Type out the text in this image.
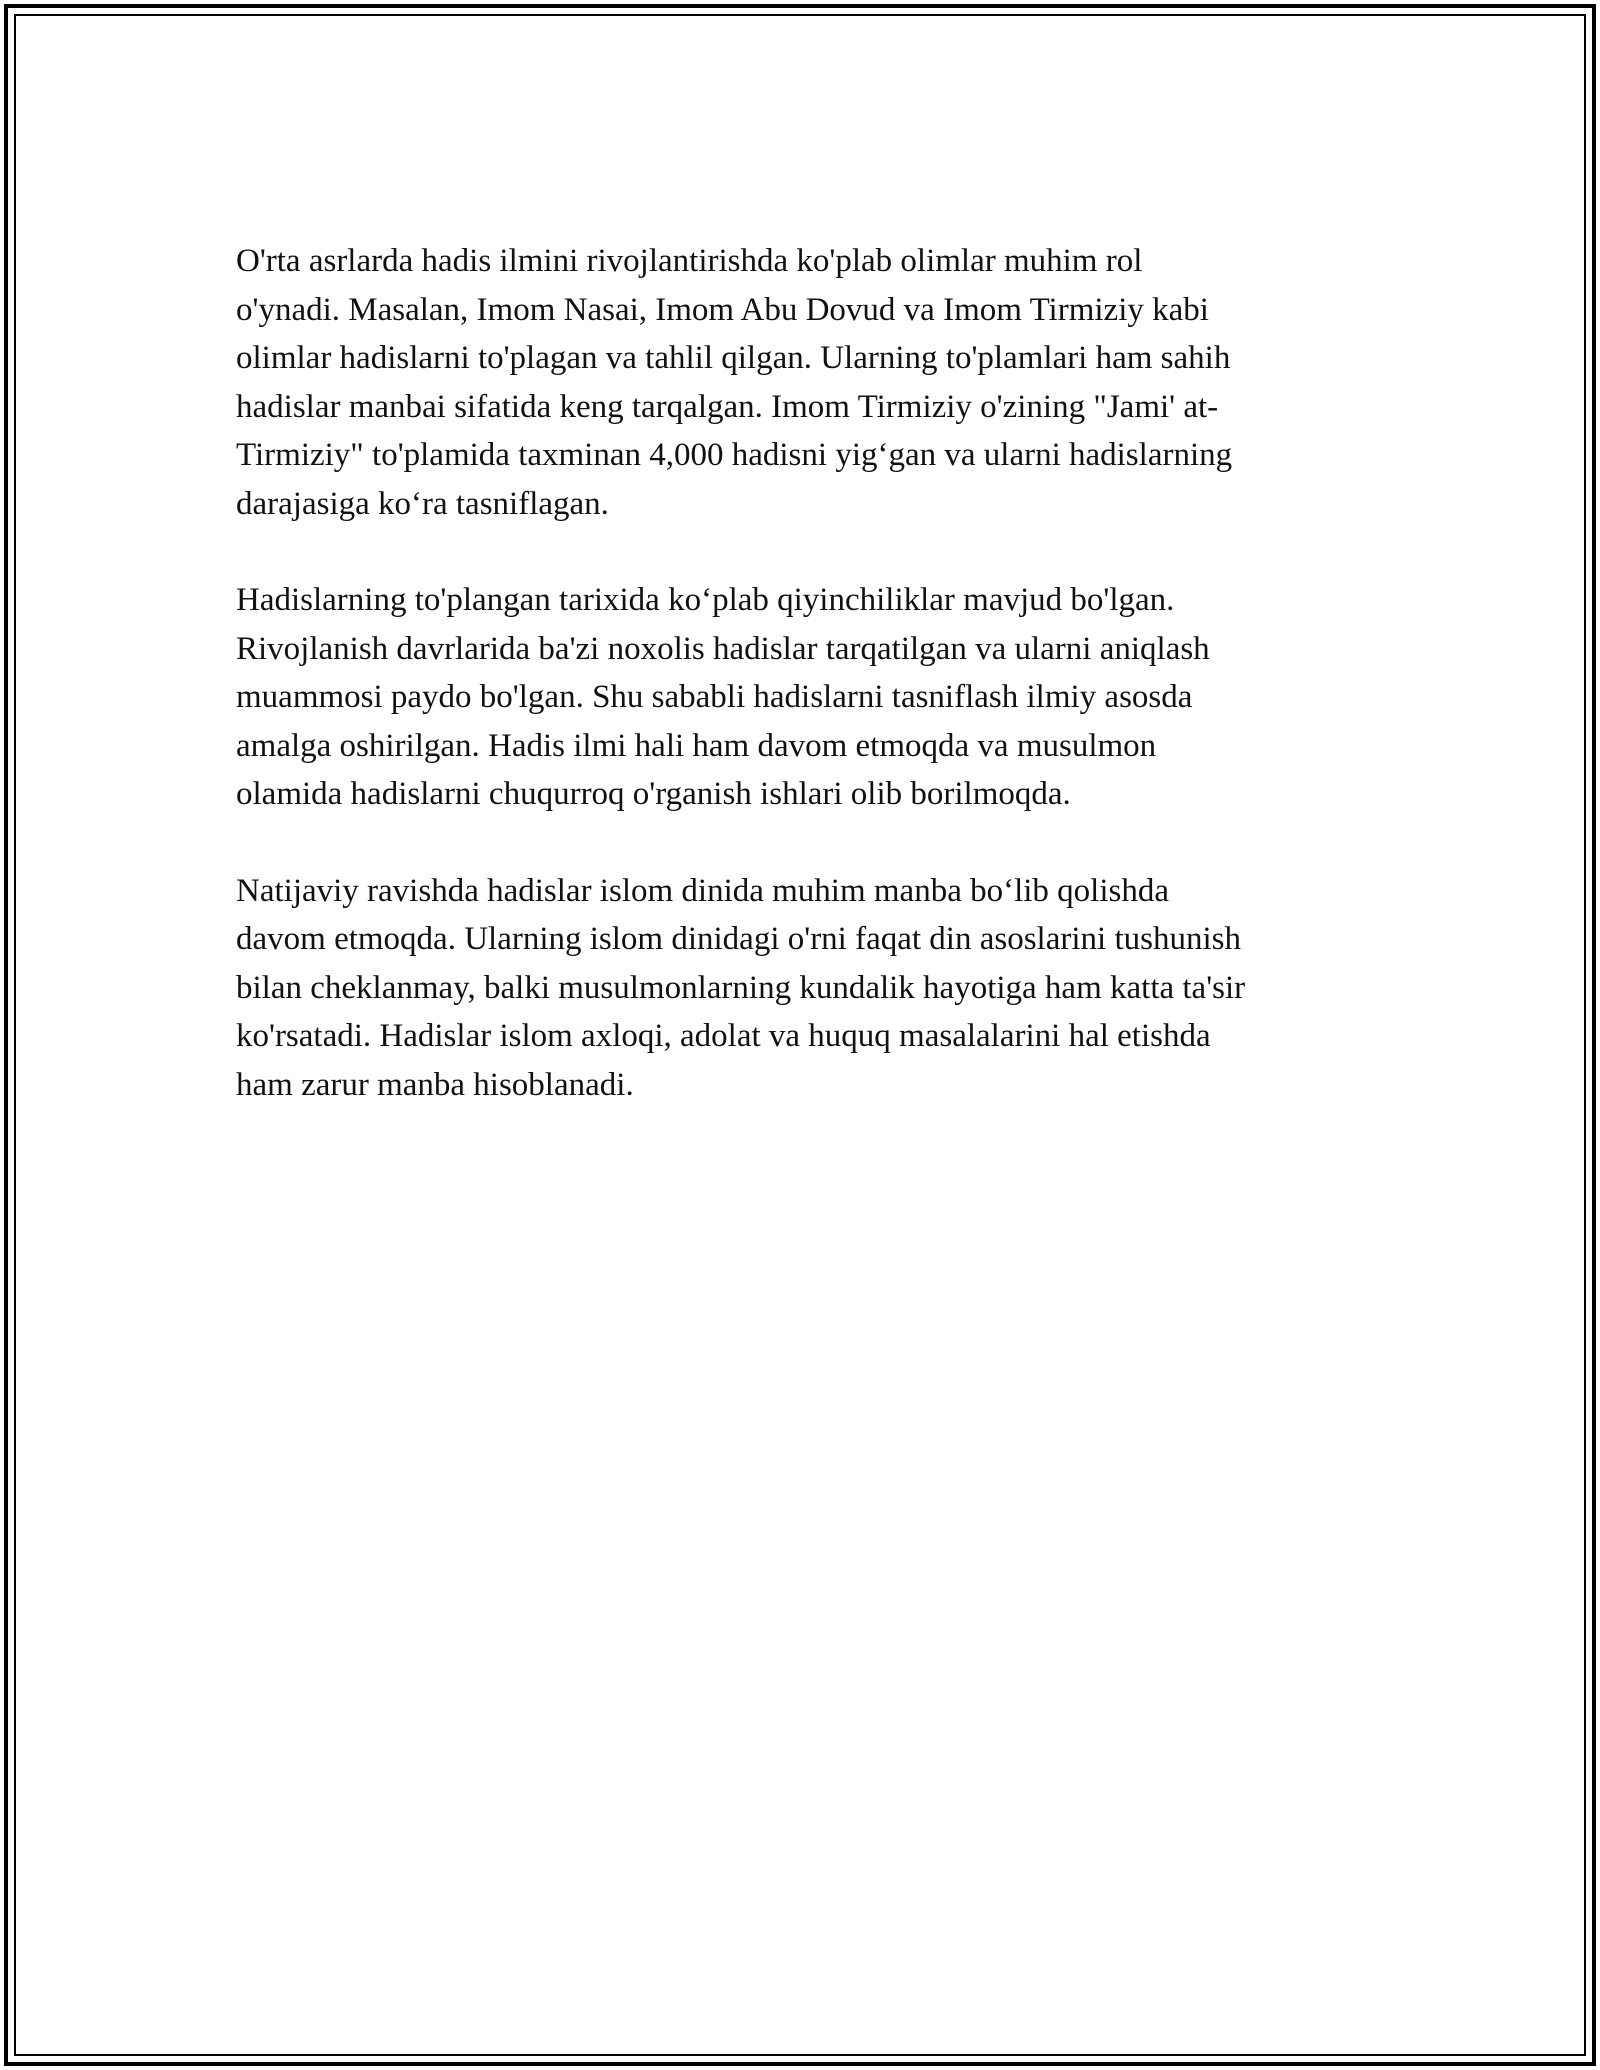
O'rta asrlarda hadis ilmini rivojlantirishda ko'plab olimlar muhim rol
o'ynadi. Masalan, Imom Nasai, Imom Abu Dovud va Imom Tirmiziy kabi
olimlar hadislarni to'plagan va tahlil qilgan. Ularning to'plamlari ham sahih
hadislar manbai sifatida keng tarqalgan. Imom Tirmiziy o'zining "Jami' at-
Tirmiziy" to'plamida taxminan 4,000 hadisni yig‘gan va ularni hadislarning
darajasiga ko‘ra tasniflagan.

Hadislarning to'plangan tarixida ko‘plab qiyinchiliklar mavjud bo'lgan.
Rivojlanish davrlarida ba'zi noxolis hadislar tarqatilgan va ularni aniqlash
muammosi paydo bo'lgan. Shu sababli hadislarni tasniflash ilmiy asosda
amalga oshirilgan. Hadis ilmi hali ham davom etmoqda va musulmon
olamida hadislarni chuqurroq o'rganish ishlari olib borilmoqda.

Natijaviy ravishda hadislar islom dinida muhim manba bo‘lib qolishda
davom etmoqda. Ularning islom dinidagi o'rni faqat din asoslarini tushunish
bilan cheklanmay, balki musulmonlarning kundalik hayotiga ham katta ta'sir
ko'rsatadi. Hadislar islom axloqi, adolat va huquq masalalarini hal etishda
ham zarur manba hisoblanadi.
